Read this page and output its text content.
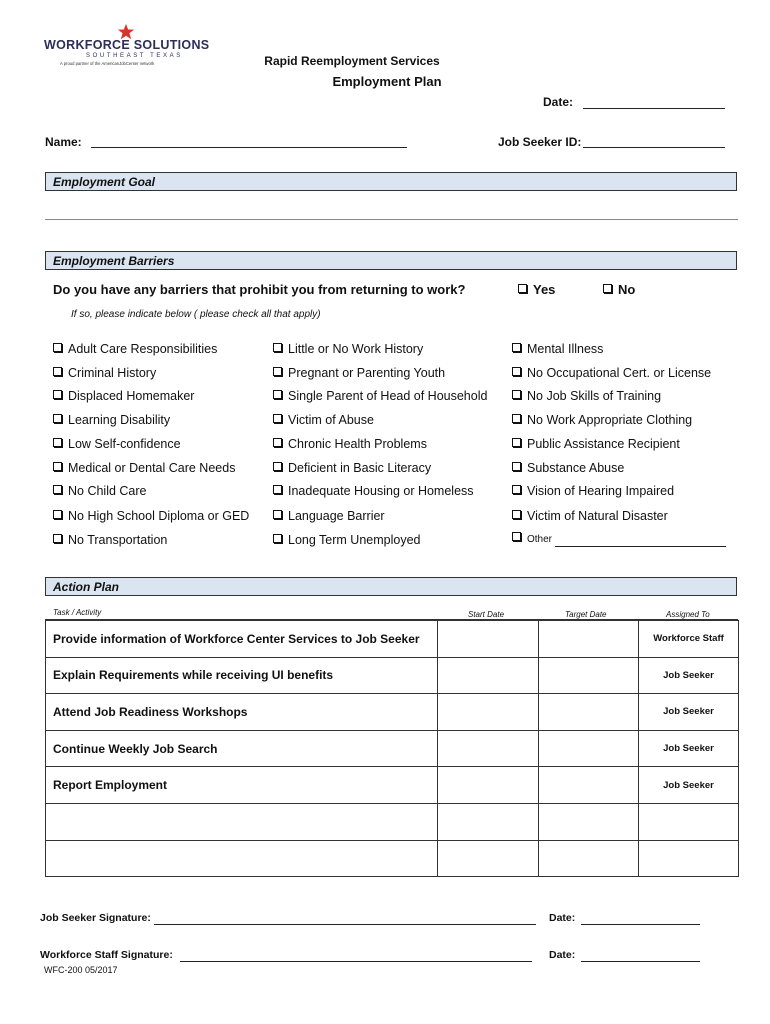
WORKFORCE SOLUTIONS
SOUTHEAST TEXAS
A proud partner of the AmericanJobCenter network	Rapid Reemployment Services
Employment Plan
Date:
Name:	Job Seeker ID:
Employment Goal
Employment Barriers
Do you have any barriers that prohibit you from returning to work?	Yes	No
If so, please indicate below ( please check all that apply)
Adult Care Responsibilities
Criminal History
Displaced Homemaker
Learning Disability
Low Self-confidence
Medical or Dental Care Needs
No Child Care
No High School Diploma or GED
No Transportation
Little or No Work History
Pregnant or Parenting Youth
Single Parent of Head of Household
Victim of Abuse
Chronic Health Problems
Deficient in Basic Literacy
Inadequate Housing or Homeless
Language Barrier
Long Term Unemployed
Mental Illness
No Occupational Cert. or License
No Job Skills of Training
No Work Appropriate Clothing
Public Assistance Recipient
Substance Abuse
Vision of Hearing Impaired
Victim of Natural Disaster
Other
Action Plan
Task / Activity	Start Date	Target Date	Assigned To
Provide information of Workforce Center Services to Job Seeker			Workforce Staff
Explain Requirements while receiving UI benefits			Job Seeker
Attend Job Readiness Workshops			Job Seeker
Continue Weekly Job Search			Job Seeker
Report Employment			Job Seeker

Job Seeker Signature:	Date:
Workforce Staff Signature:	Date:
WFC-200 05/2017
